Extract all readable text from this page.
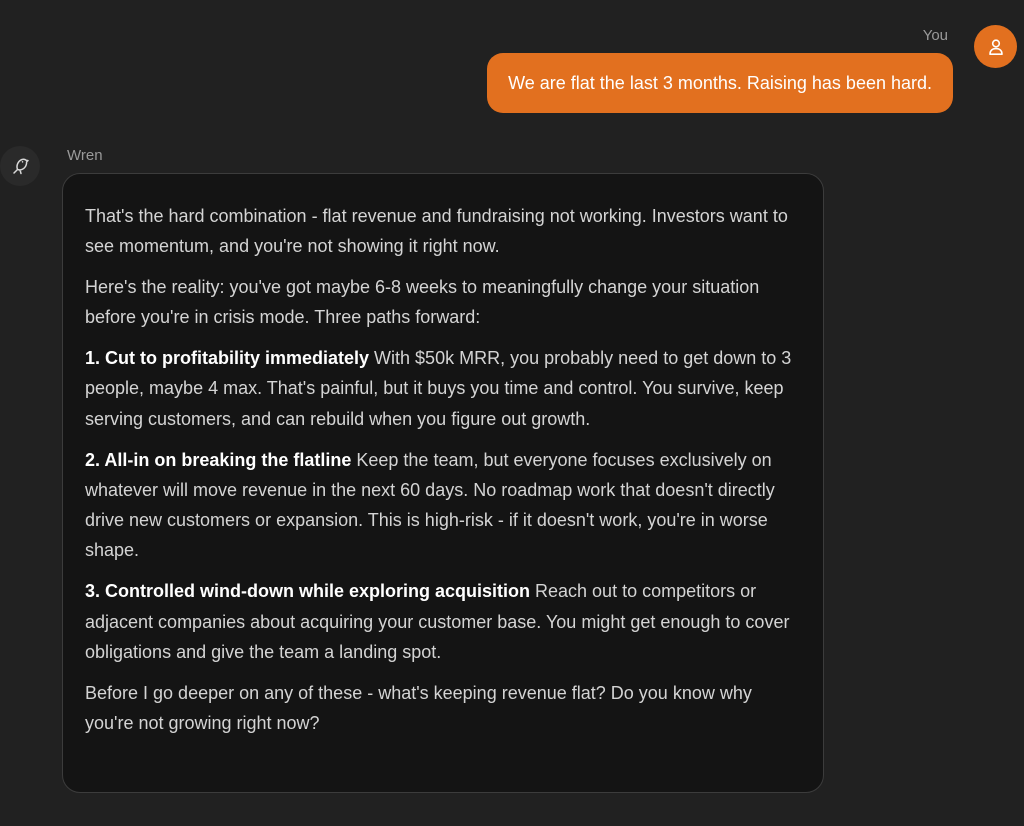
You
We are flat the last 3 months. Raising has been hard.
Wren

That's the hard combination - flat revenue and fundraising not working. Investors want to see momentum, and you're not showing it right now.

Here's the reality: you've got maybe 6-8 weeks to meaningfully change your situation before you're in crisis mode. Three paths forward:

1. Cut to profitability immediately With $50k MRR, you probably need to get down to 3 people, maybe 4 max. That's painful, but it buys you time and control. You survive, keep serving customers, and can rebuild when you figure out growth.

2. All-in on breaking the flatline Keep the team, but everyone focuses exclusively on whatever will move revenue in the next 60 days. No roadmap work that doesn't directly drive new customers or expansion. This is high-risk - if it doesn't work, you're in worse shape.

3. Controlled wind-down while exploring acquisition Reach out to competitors or adjacent companies about acquiring your customer base. You might get enough to cover obligations and give the team a landing spot.

Before I go deeper on any of these - what's keeping revenue flat? Do you know why you're not growing right now?
